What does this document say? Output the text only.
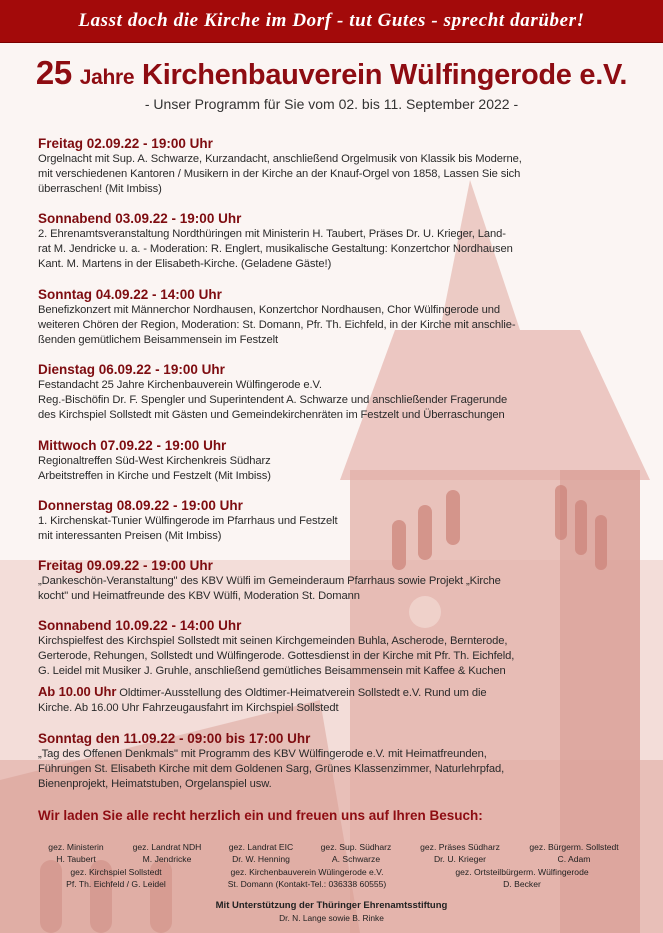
Lasst doch die Kirche im Dorf - tut Gutes - sprecht darüber!
25 Jahre Kirchenbauverein Wülfingerode e.V.
- Unser Programm für Sie vom 02. bis 11. September 2022 -
Freitag 02.09.22 - 19:00 Uhr
Orgelnacht mit Sup. A. Schwarze, Kurzandacht, anschließend Orgelmusik von Klassik bis Moderne,
mit verschiedenen Kantoren / Musikern in der Kirche an der Knauf-Orgel von 1858, Lassen Sie sich
überraschen! (Mit Imbiss)
Sonnabend 03.09.22 - 19:00 Uhr
2. Ehrenamtsveranstaltung Nordthüringen mit Ministerin H. Taubert, Präses Dr. U. Krieger, Land-
rat M. Jendricke u. a. - Moderation: R. Englert, musikalische Gestaltung: Konzertchor Nordhausen
Kant. M. Martens in der Elisabeth-Kirche. (Geladene Gäste!)
Sonntag 04.09.22 - 14:00 Uhr
Benefizkonzert mit Männerchor Nordhausen, Konzertchor Nordhausen, Chor Wülfingerode und
weiteren Chören der Region, Moderation: St. Domann, Pfr. Th. Eichfeld, in der Kirche mit anschlie-
ßenden gemütlichem Beisammensein im Festzelt
Dienstag 06.09.22 - 19:00 Uhr
Festandacht 25 Jahre Kirchenbauverein Wülfingerode e.V.
Reg.-Bischöfin Dr. F. Spengler und Superintendent A. Schwarze und anschließender Fragerunde
des Kirchspiel Sollstedt mit Gästen und Gemeindekirchenräten im Festzelt und Überraschungen
Mittwoch 07.09.22 - 19:00 Uhr
Regionaltreffen Süd-West Kirchenkreis Südharz
Arbeitstreffen in Kirche und Festzelt (Mit Imbiss)
Donnerstag 08.09.22 - 19:00 Uhr
1. Kirchenskat-Tunier Wülfingerode im Pfarrhaus und Festzelt
mit interessanten Preisen (Mit Imbiss)
Freitag 09.09.22 - 19:00 Uhr
„Dankeschön-Veranstaltung" des KBV Wülfi im Gemeinderaum Pfarrhaus sowie Projekt „Kirche
kocht" und Heimatfreunde des KBV Wülfi, Moderation St. Domann
Sonnabend 10.09.22 - 14:00 Uhr
Kirchspielfest des Kirchspiel Sollstedt mit seinen Kirchgemeinden Buhla, Ascherode, Bernterode,
Gerterode, Rehungen, Sollstedt und Wülfingerode. Gottesdienst in der Kirche mit Pfr. Th. Eichfeld,
G. Leidel mit Musiker J. Gruhle, anschließend gemütliches Beisammensein mit Kaffee & Kuchen
Sonntag den 11.09.22 - 09:00 bis 17:00 Uhr
„Tag des Offenen Denkmals" mit Programm des KBV Wülfingerode e.V. mit Heimatfreunden,
Führungen St. Elisabeth Kirche mit dem Goldenen Sarg, Grünes Klassenzimmer, Naturlehrpfad,
Bienenprojekt, Heimatstuben, Orgelanspiel usw.
Ab 10.00 Uhr Oldtimer-Ausstellung des Oldtimer-Heimatverein Sollstedt e.V. Rund um die
Kirche. Ab 16.00 Uhr Fahrzeugausfahrt im Kirchspiel Sollstedt
Wir laden Sie alle recht herzlich ein und freuen uns auf Ihren Besuch:
gez. Ministerin
H. Taubert
gez. Landrat NDH
M. Jendricke
gez. Landrat EIC
Dr. W. Henning
gez. Sup. Südharz
A. Schwarze
gez. Präses Südharz
Dr. U. Krieger
gez. Bürgerm. Sollstedt
C. Adam
gez. Kirchspiel Sollstedt
Pf. Th. Eichfeld / G. Leidel
gez. Kirchenbauverein Wülingerode e.V.
St. Domann (Kontakt-Tel.: 036338 60555)
gez. Ortsteilbürgerm. Wülfingerode
D. Becker
Mit Unterstützung der Thüringer Ehrenamtsstiftung
Dr. N. Lange sowie B. Rinke
